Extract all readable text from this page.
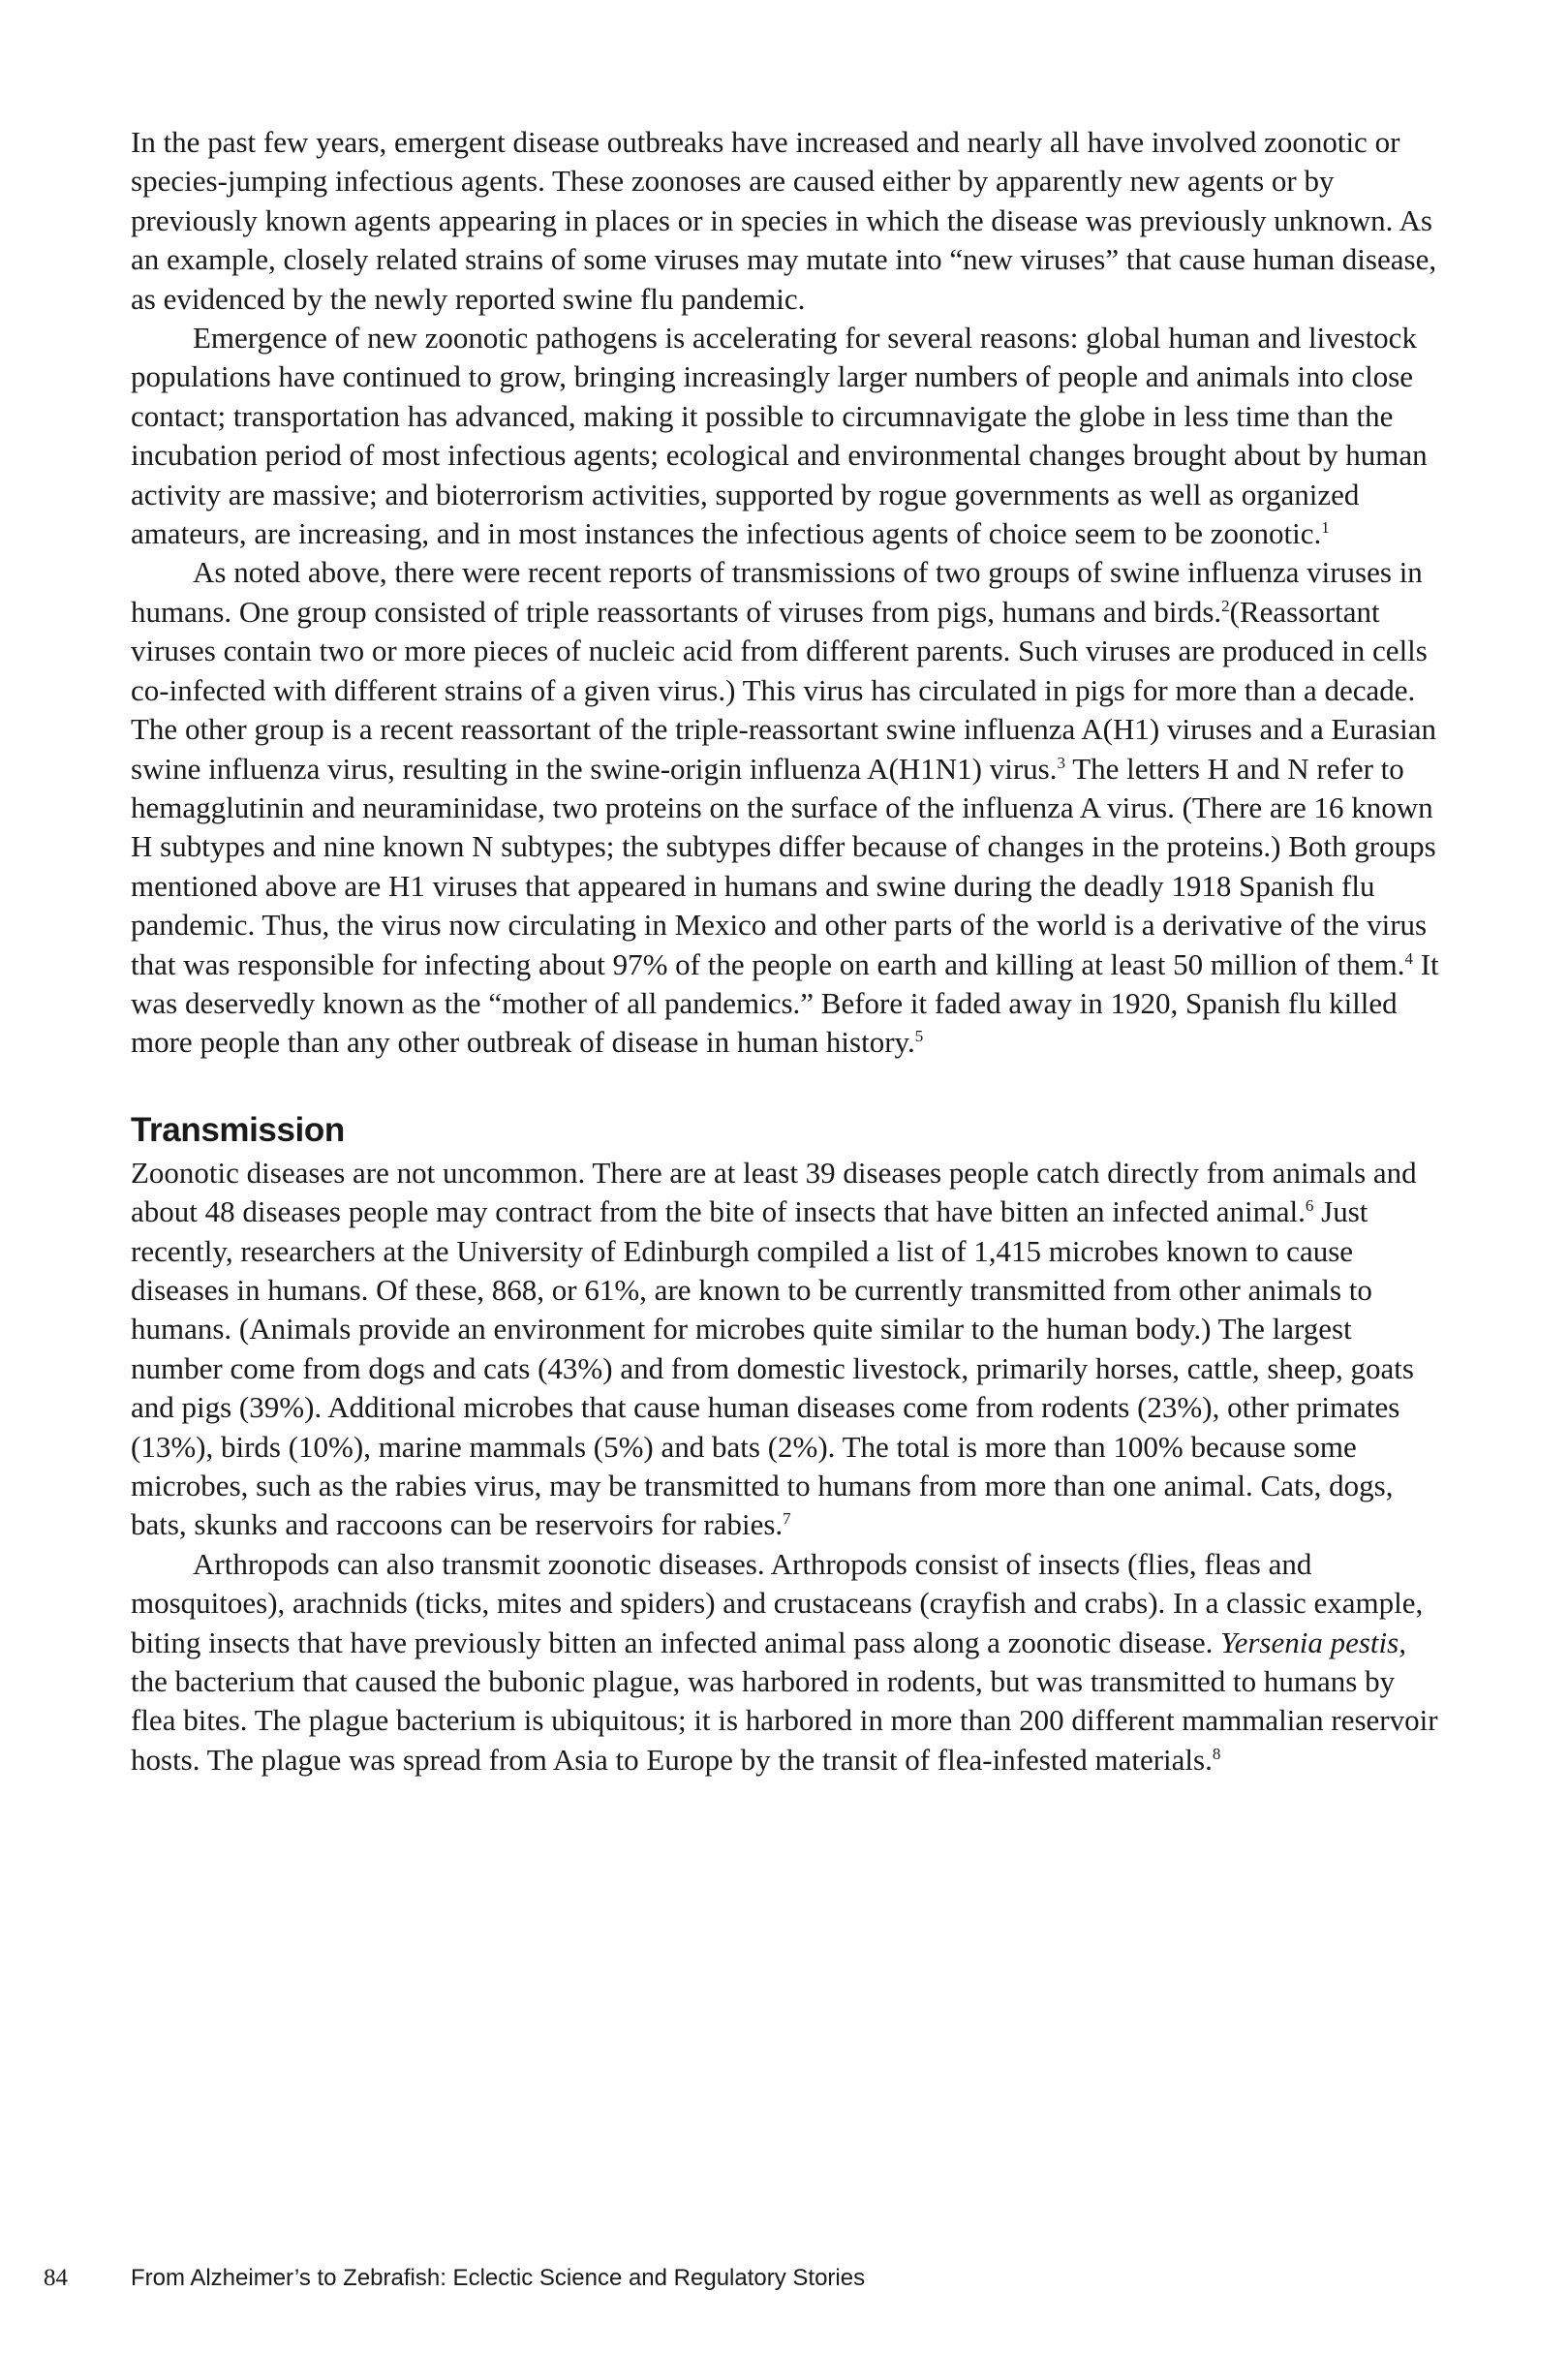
In the past few years, emergent disease outbreaks have increased and nearly all have involved zoonotic or species-jumping infectious agents. These zoonoses are caused either by apparently new agents or by previously known agents appearing in places or in species in which the disease was previously unknown. As an example, closely related strains of some viruses may mutate into “new viruses” that cause human disease, as evidenced by the newly reported swine flu pandemic.

Emergence of new zoonotic pathogens is accelerating for several reasons: global human and livestock populations have continued to grow, bringing increasingly larger numbers of people and animals into close contact; transportation has advanced, making it possible to circumnavigate the globe in less time than the incubation period of most infectious agents; ecological and environmental changes brought about by human activity are massive; and bioterrorism activities, supported by rogue governments as well as organized amateurs, are increasing, and in most instances the infectious agents of choice seem to be zoonotic.$^1$

As noted above, there were recent reports of transmissions of two groups of swine influenza viruses in humans. One group consisted of triple reassortants of viruses from pigs, humans and birds.$^2$(Reassortant viruses contain two or more pieces of nucleic acid from different parents. Such viruses are produced in cells co-infected with different strains of a given virus.) This virus has circulated in pigs for more than a decade. The other group is a recent reassortant of the triple-reassortant swine influenza A(H1) viruses and a Eurasian swine influenza virus, resulting in the swine-origin influenza A(H1N1) virus.$^3$ The letters H and N refer to hemagglutinin and neuraminidase, two proteins on the surface of the influenza A virus. (There are 16 known H subtypes and nine known N subtypes; the subtypes differ because of changes in the proteins.) Both groups mentioned above are H1 viruses that appeared in humans and swine during the deadly 1918 Spanish flu pandemic. Thus, the virus now circulating in Mexico and other parts of the world is a derivative of the virus that was responsible for infecting about 97% of the people on earth and killing at least 50 million of them.$^4$ It was deservedly known as the “mother of all pandemics.” Before it faded away in 1920, Spanish flu killed more people than any other outbreak of disease in human history.$^5$

Transmission

Zoonotic diseases are not uncommon. There are at least 39 diseases people catch directly from animals and about 48 diseases people may contract from the bite of insects that have bitten an infected animal.$^6$ Just recently, researchers at the University of Edinburgh compiled a list of 1,415 microbes known to cause diseases in humans. Of these, 868, or 61%, are known to be currently transmitted from other animals to humans. (Animals provide an environment for microbes quite similar to the human body.) The largest number come from dogs and cats (43%) and from domestic livestock, primarily horses, cattle, sheep, goats and pigs (39%). Additional microbes that cause human diseases come from rodents (23%), other primates (13%), birds (10%), marine mammals (5%) and bats (2%). The total is more than 100% because some microbes, such as the rabies virus, may be transmitted to humans from more than one animal. Cats, dogs, bats, skunks and raccoons can be reservoirs for rabies.$^7$

Arthropods can also transmit zoonotic diseases. Arthropods consist of insects (flies, fleas and mosquitoes), arachnids (ticks, mites and spiders) and crustaceans (crayfish and crabs). In a classic example, biting insects that have previously bitten an infected animal pass along a zoonotic disease. Yersenia pestis, the bacterium that caused the bubonic plague, was harbored in rodents, but was transmitted to humans by flea bites. The plague bacterium is ubiquitous; it is harbored in more than 200 different mammalian reservoir hosts. The plague was spread from Asia to Europe by the transit of flea-infested materials.$^8$

84	From Alzheimer’s to Zebrafish: Eclectic Science and Regulatory Stories
